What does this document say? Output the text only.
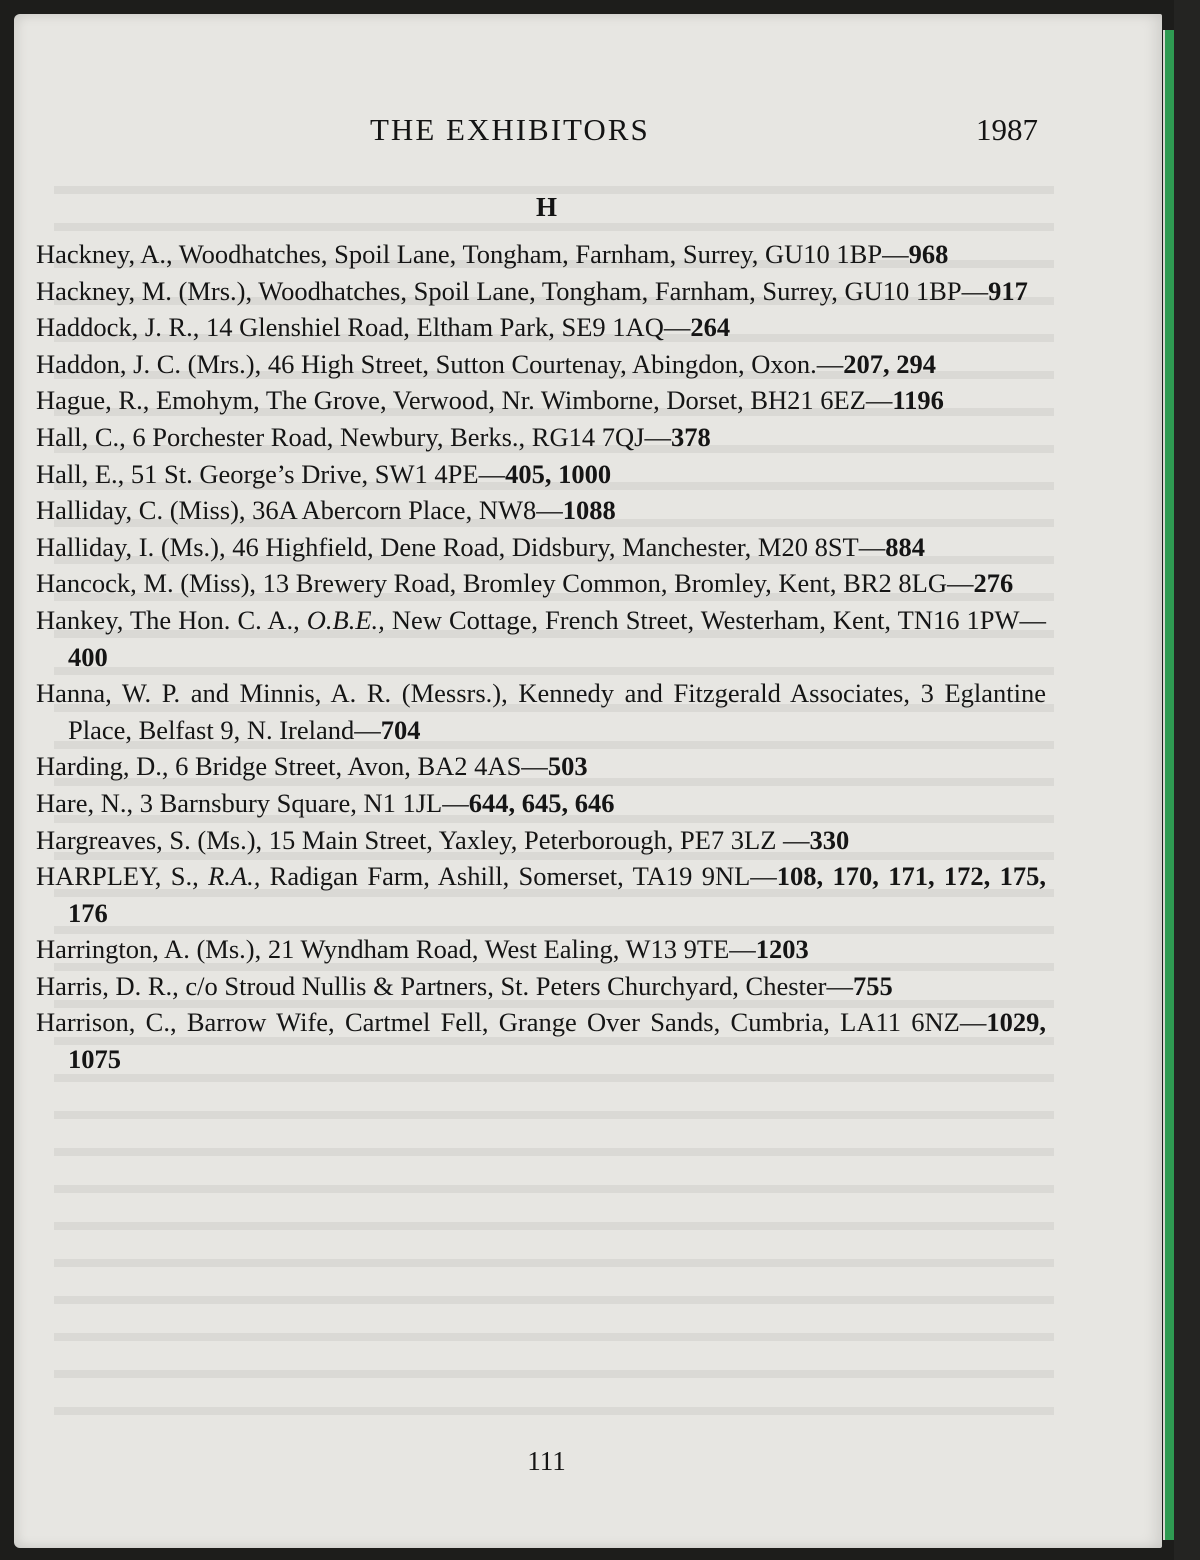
THE EXHIBITORS	1987
H

Hackney, A., Woodhatches, Spoil Lane, Tongham, Farnham, Surrey, GU10 1BP—968

Hackney, M. (Mrs.), Woodhatches, Spoil Lane, Tongham, Farnham, Surrey, GU10 1BP—917

Haddock, J. R., 14 Glenshiel Road, Eltham Park, SE9 1AQ—264

Haddon, J. C. (Mrs.), 46 High Street, Sutton Courtenay, Abingdon, Oxon.—207, 294

Hague, R., Emohym, The Grove, Verwood, Nr. Wimborne, Dorset, BH21 6EZ—1196

Hall, C., 6 Porchester Road, Newbury, Berks., RG14 7QJ—378

Hall, E., 51 St. George’s Drive, SW1 4PE—405, 1000

Halliday, C. (Miss), 36A Abercorn Place, NW8—1088

Halliday, I. (Ms.), 46 Highfield, Dene Road, Didsbury, Manchester, M20 8ST—884

Hancock, M. (Miss), 13 Brewery Road, Bromley Common, Bromley, Kent, BR2 8LG—276

Hankey, The Hon. C. A., O.B.E., New Cottage, French Street, Westerham, Kent, TN16 1PW—400

Hanna, W. P. and Minnis, A. R. (Messrs.), Kennedy and Fitzgerald Associates, 3 Eglantine Place, Belfast 9, N. Ireland—704

Harding, D., 6 Bridge Street, Avon, BA2 4AS—503

Hare, N., 3 Barnsbury Square, N1 1JL—644, 645, 646

Hargreaves, S. (Ms.), 15 Main Street, Yaxley, Peterborough, PE7 3LZ —330

HARPLEY, S., R.A., Radigan Farm, Ashill, Somerset, TA19 9NL—108, 170, 171, 172, 175, 176

Harrington, A. (Ms.), 21 Wyndham Road, West Ealing, W13 9TE—1203

Harris, D. R., c/o Stroud Nullis & Partners, St. Peters Churchyard, Chester—755

Harrison, C., Barrow Wife, Cartmel Fell, Grange Over Sands, Cumbria, LA11 6NZ—1029, 1075

111
